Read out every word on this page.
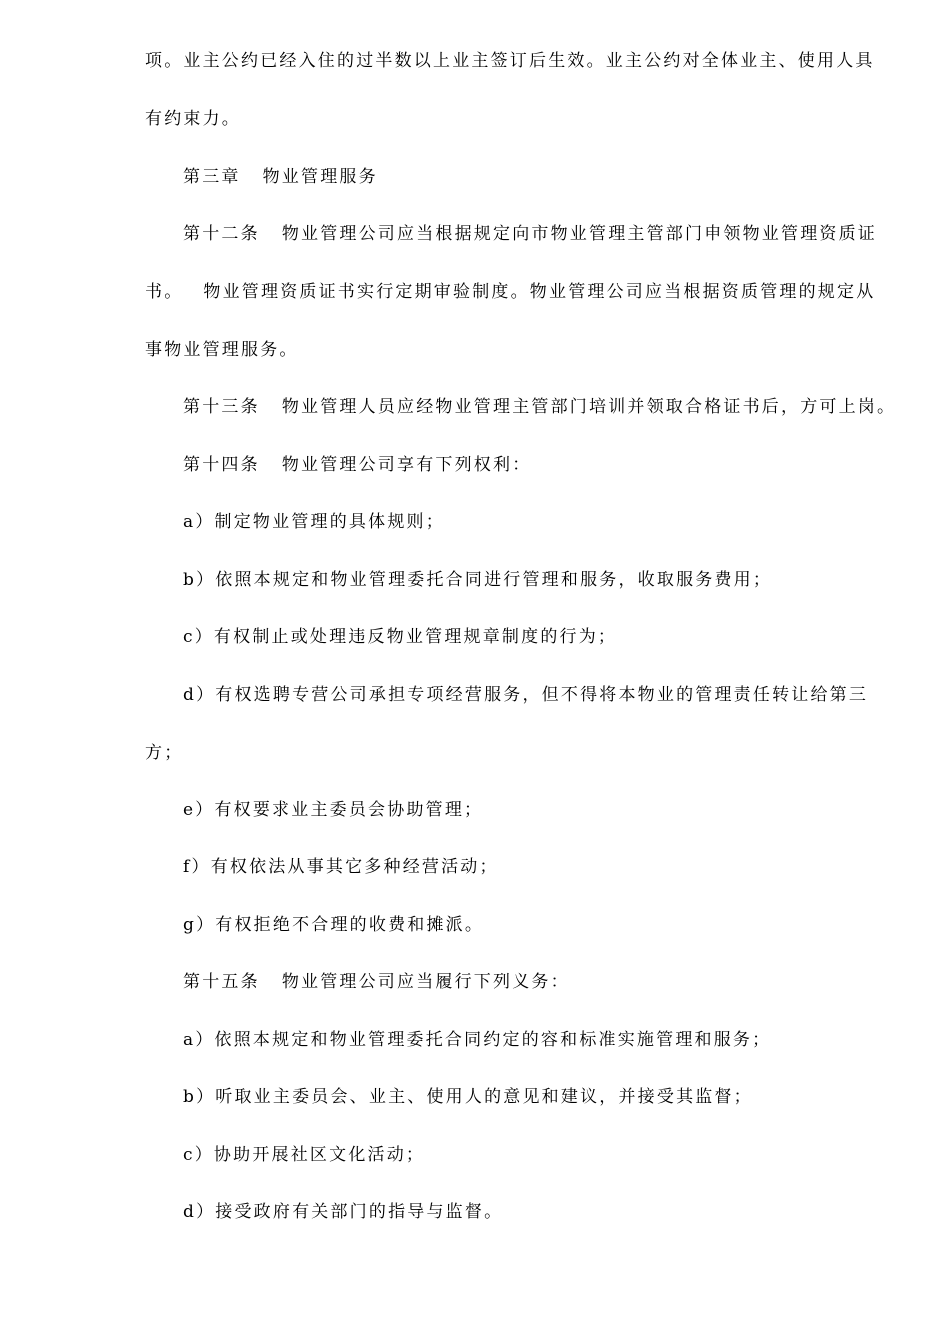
项。业主公约已经入住的过半数以上业主签订后生效。业主公约对全体业主、使用人具
有约束力。
第三章 物业管理服务
第十二条 物业管理公司应当根据规定向市物业管理主管部门申领物业管理资质证
书。 物业管理资质证书实行定期审验制度。物业管理公司应当根据资质管理的规定从
事物业管理服务。
第十三条 物业管理人员应经物业管理主管部门培训并领取合格证书后，方可上岗。
第十四条 物业管理公司享有下列权利：
a）制定物业管理的具体规则；
b）依照本规定和物业管理委托合同进行管理和服务，收取服务费用；
c）有权制止或处理违反物业管理规章制度的行为；
d）有权选聘专营公司承担专项经营服务，但不得将本物业的管理责任转让给第三
方；
e）有权要求业主委员会协助管理；
f）有权依法从事其它多种经营活动；
g）有权拒绝不合理的收费和摊派。
第十五条 物业管理公司应当履行下列义务：
a）依照本规定和物业管理委托合同约定的容和标准实施管理和服务；
b）听取业主委员会、业主、使用人的意见和建议，并接受其监督；
c）协助开展社区文化活动；
d）接受政府有关部门的指导与监督。
